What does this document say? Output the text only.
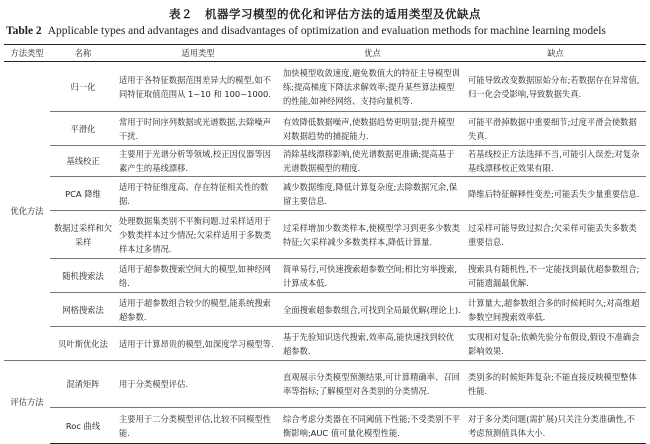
表２　机器学习模型的优化和评估方法的适用类型及优缺点
Table 2 Applicable types and advantages and disadvantages of optimization and evaluation methods for machine learning models
方法类型	名称	适用类型	优点	缺点
优化方法	归一化	适用于各特征数据范围差异大的模型,如不同特征取值范围从 1~10 和 100~1000.	加快模型收敛速度,避免数值大的特征主导模型训练;提高梯度下降法求解效率;提升某些算法模型的性能,如神经网络、支持向量机等.	可能导致改变数据原始分布;若数据存在异常值,归一化会受影响,导致数据失真.
	平滑化	常用于时间序列数据或光谱数据,去除噪声干扰.	有效降低数据噪声,使数据趋势更明显;提升模型对数据趋势的捕捉能力.	可能平滑掉数据中重要细节;过度平滑会使数据失真.
	基线校正	主要用于光谱分析等领域,校正因仪器等因素产生的基线漂移.	消除基线漂移影响,使光谱数据更准确;提高基于光谱数据模型的精度.	若基线校正方法选择不当,可能引入误差;对复杂基线漂移校正效果有限.
	PCA 降维	适用于特征维度高、存在特征相关性的数据.	减少数据维度,降低计算复杂度;去除数据冗余,保留主要信息.	降维后特征解释性变差;可能丢失少量重要信息.
	数据过采样和欠采样	处理数据集类别不平衡问题.过采样适用于少数类样本过少情况;欠采样适用于多数类样本过多情况.	过采样增加少数类样本,使模型学习到更多少数类特征;欠采样减少多数类样本,降低计算量.	过采样可能导致过拟合;欠采样可能丢失多数类重要信息.
	随机搜索法	适用于超参数搜索空间大的模型,如神经网络.	简单易行,可快速搜索超参数空间;相比穷举搜索,计算成本低.	搜索具有随机性,不一定能找到最优超参数组合;可能遗漏最优解.
	网格搜索法	适用于超参数组合较少的模型,能系统搜索超参数.	全面搜索超参数组合,可找到全局最优解(理论上).	计算量大,超参数组合多的时候耗时久;对高维超参数空间搜索效率低.
	贝叶斯优化法	适用于计算昂贵的模型,如深度学习模型等.	基于先验知识迭代搜索,效率高,能快速找到较优超参数.	实现相对复杂;依赖先验分布假设,假设不准确会影响效果.
评估方法	混淆矩阵	用于分类模型评估.	直观展示分类模型预测结果,可计算精确率、召回率等指标;了解模型对各类别的分类情况.	类别多的时候矩阵复杂;不能直接反映模型整体性能.
	Roc 曲线	主要用于二分类模型评估,比较不同模型性能.	综合考虑分类器在不同阈值下性能;不受类别不平衡影响;AUC 值可量化模型性能.	对于多分类问题(需扩展)只关注分类准确性,不考虑预测值具体大小.
